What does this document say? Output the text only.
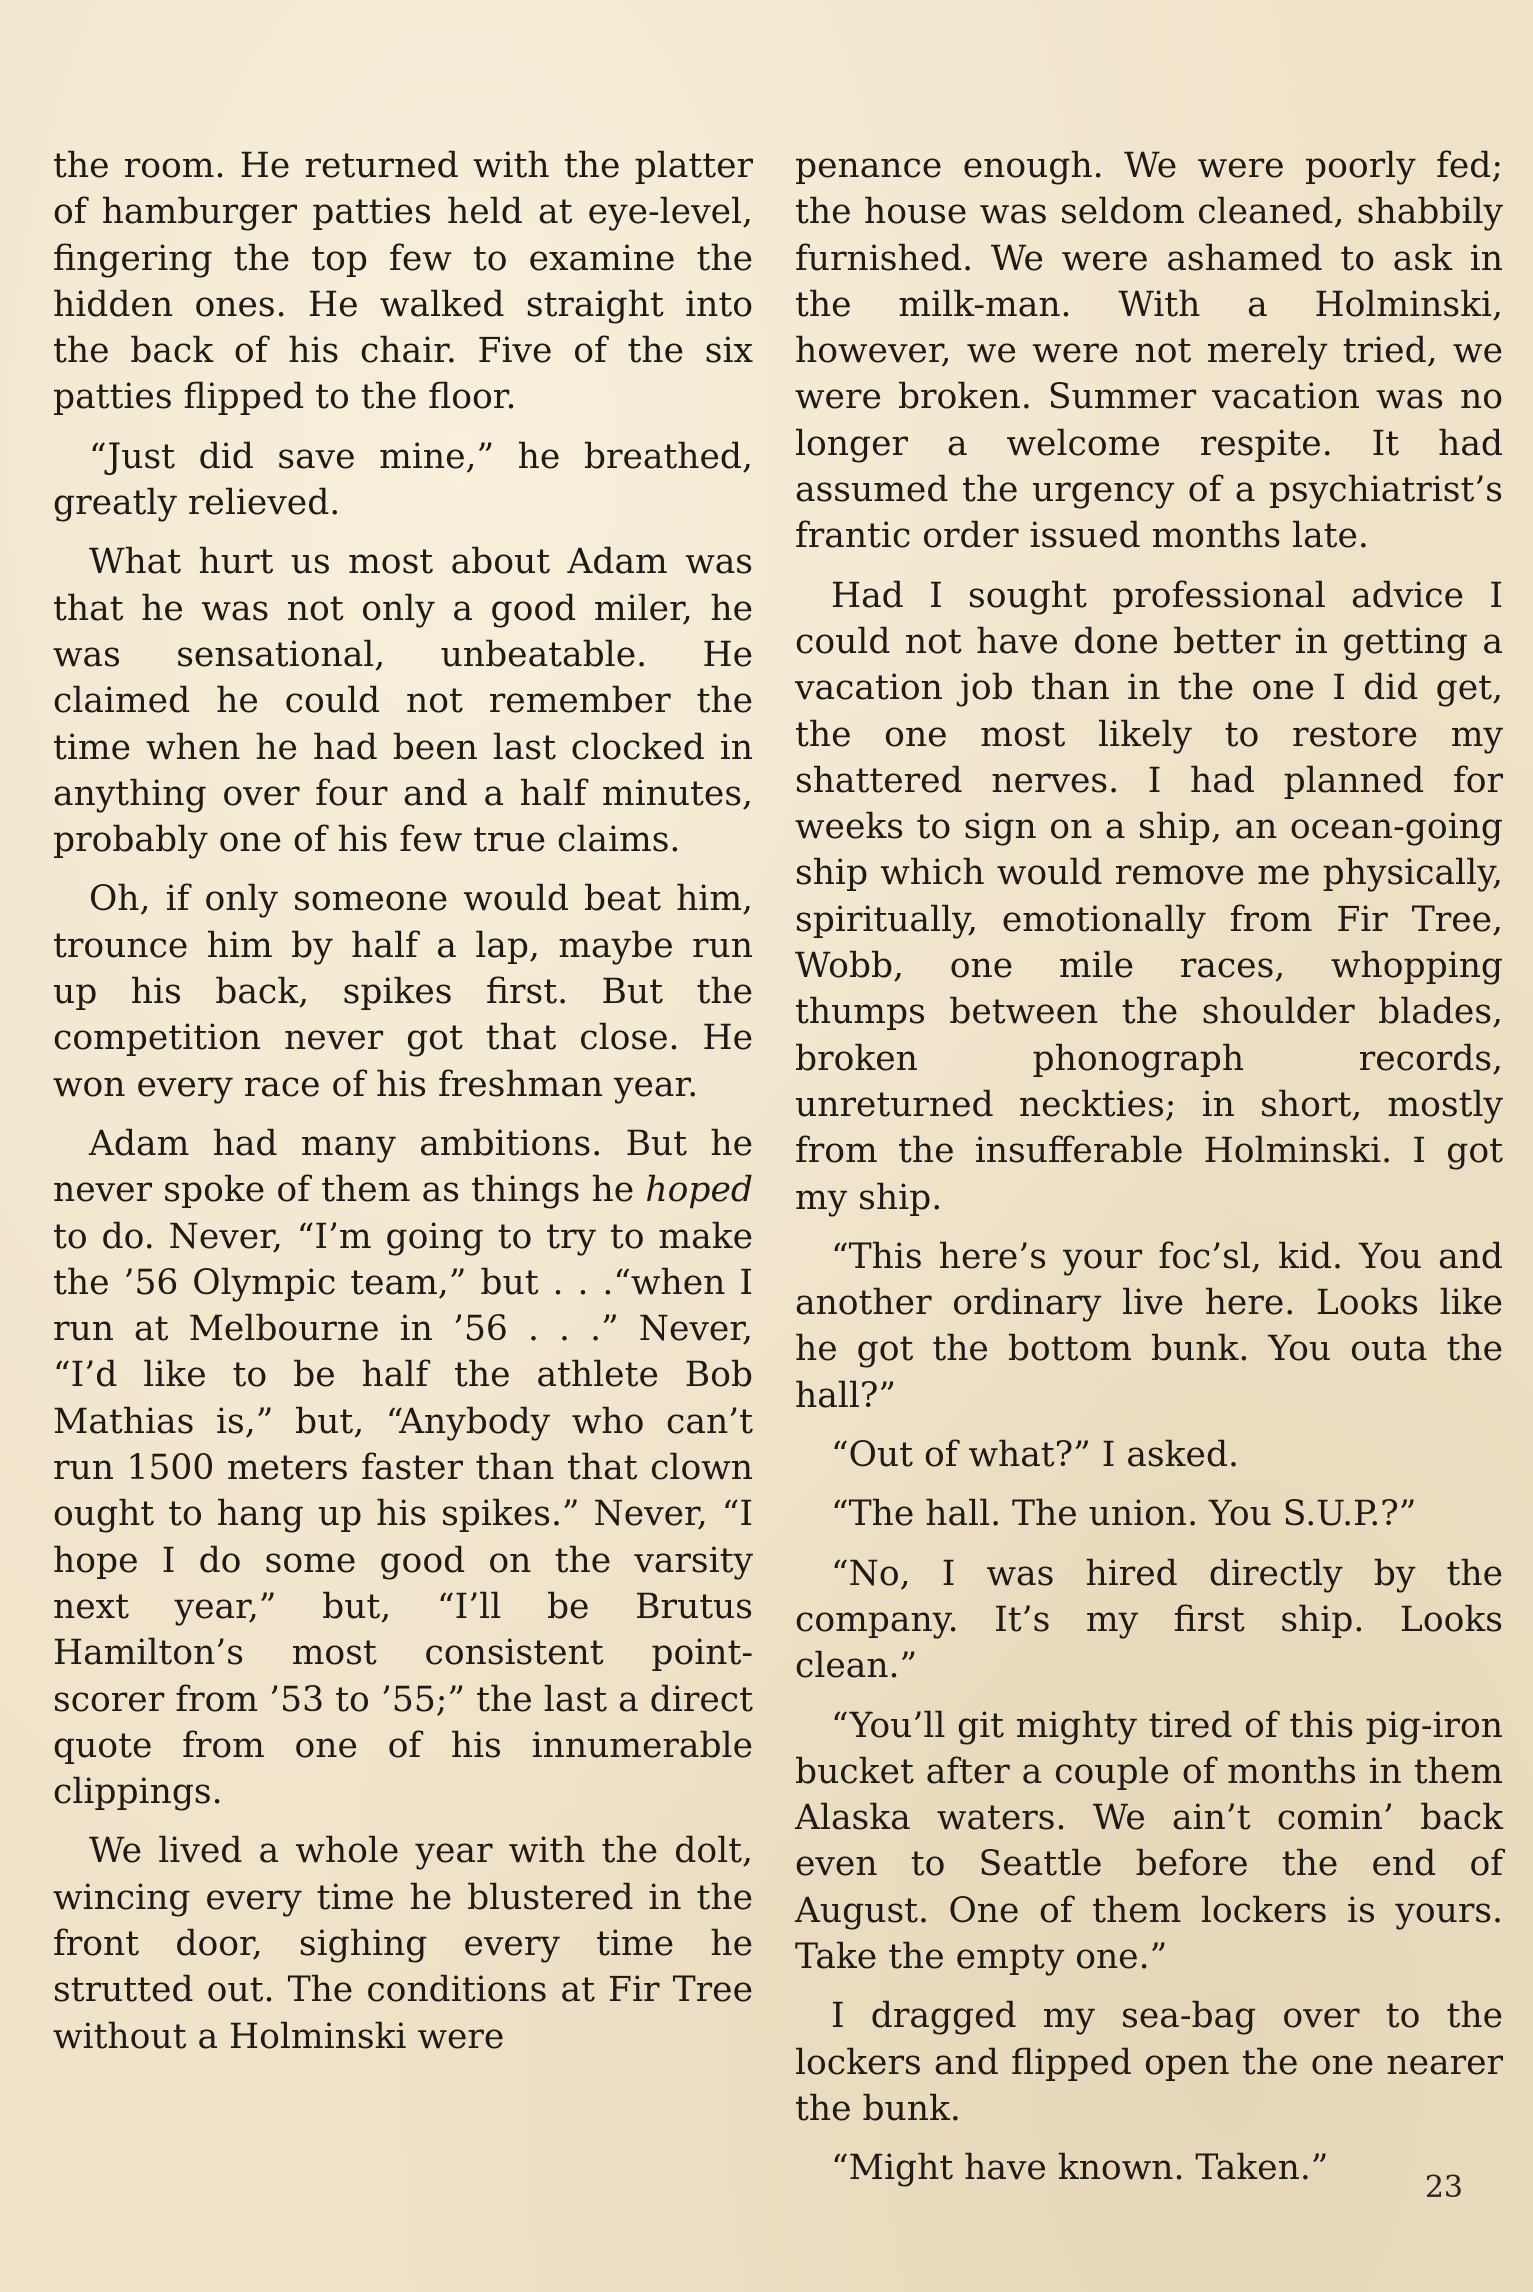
the room. He returned with the platter of hamburger patties held at eye-level, fingering the top few to examine the hidden ones. He walked straight into the back of his chair. Five of the six patties flipped to the floor.

“Just did save mine,” he breathed, greatly relieved.

What hurt us most about Adam was that he was not only a good miler, he was sensational, unbeatable. He claimed he could not remember the time when he had been last clocked in anything over four and a half minutes, probably one of his few true claims.

Oh, if only someone would beat him, trounce him by half a lap, maybe run up his back, spikes first. But the competition never got that close. He won every race of his freshman year.

Adam had many ambitions. But he never spoke of them as things he hoped to do. Never, “I’m going to try to make the ’56 Olympic team,” but . . .“when I run at Melbourne in ’56 . . .” Never, “I’d like to be half the athlete Bob Mathias is,” but, “Anybody who can’t run 1500 meters faster than that clown ought to hang up his spikes.” Never, “I hope I do some good on the varsity next year,” but, “I’ll be Brutus Hamilton’s most consistent point-scorer from ’53 to ’55;” the last a direct quote from one of his innumerable clippings.

We lived a whole year with the dolt, wincing every time he blustered in the front door, sighing every time he strutted out. The conditions at Fir Tree without a Holminski were

penance enough. We were poorly fed; the house was seldom cleaned, shabbily furnished. We were ashamed to ask in the milk-man. With a Holminski, however, we were not merely tried, we were broken. Summer vacation was no longer a welcome respite. It had assumed the urgency of a psychiatrist’s frantic order issued months late.

Had I sought professional advice I could not have done better in getting a vacation job than in the one I did get, the one most likely to restore my shattered nerves. I had planned for weeks to sign on a ship, an ocean-going ship which would remove me physically, spiritually, emotionally from Fir Tree, Wobb, one mile races, whopping thumps between the shoulder blades, broken phonograph records, unreturned neckties; in short, mostly from the insufferable Holminski. I got my ship.

“This here’s your foc’sl, kid. You and another ordinary live here. Looks like he got the bottom bunk. You outa the hall?”

“Out of what?” I asked.

“The hall. The union. You S.U.P.?”

“No, I was hired directly by the company. It’s my first ship. Looks clean.”

“You’ll git mighty tired of this pig-iron bucket after a couple of months in them Alaska waters. We ain’t comin’ back even to Seattle before the end of August. One of them lockers is yours. Take the empty one.”

I dragged my sea-bag over to the lockers and flipped open the one nearer the bunk.

“Might have known. Taken.”	23
